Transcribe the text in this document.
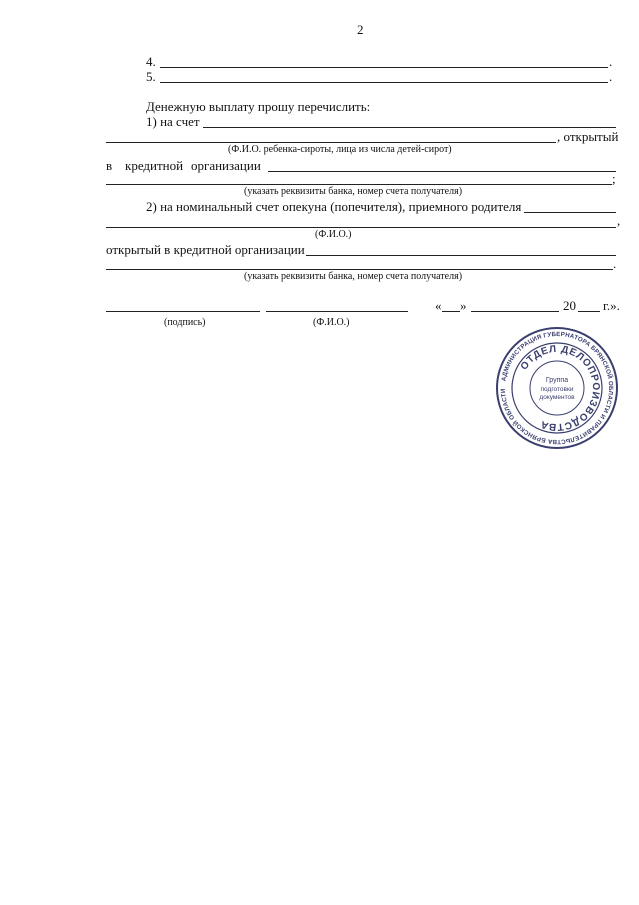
2
4.	.
5.	.
Денежную выплату прошу перечислить:
1) на счет
, открытый
(Ф.И.О. ребенка-сироты, лица из числа детей-сирот)
в кредитной организации
;
(указать реквизиты банка, номер счета получателя)
2) на номинальный счет опекуна (попечителя), приемного родителя
,
(Ф.И.О.)
открытый в кредитной организации
.
(указать реквизиты банка, номер счета получателя)
(подпись)	(Ф.И.О.)
« »	20 г.».
АДМИНИСТРАЦИЯ ГУБЕРНАТОРА БРЯНСКОЙ ОБЛАСТИ И ПРАВИТЕЛЬСТВА БРЯНСКОЙ ОБЛАСТИ
ОТДЕЛ ДЕЛОПРОИЗВОДСТВА
Группа
подготовки
документов
